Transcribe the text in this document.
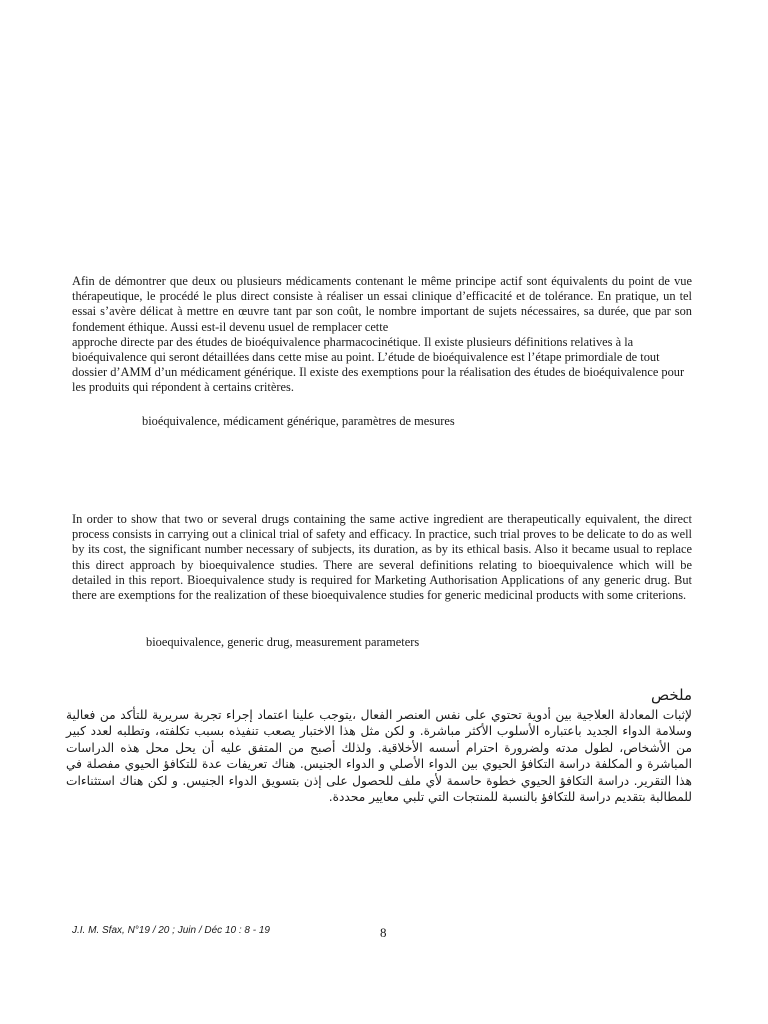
Afin de démontrer que deux ou plusieurs médicaments contenant le même principe actif sont équivalents du point de vue thérapeutique, le procédé le plus direct consiste à réaliser un essai clinique d’efficacité et de tolérance. En pratique, un tel essai s’avère délicat à mettre en œuvre tant par son coût, le nombre important de sujets nécessaires, sa durée, que par son fondement éthique. Aussi est-il devenu usuel de remplacer cette

approche directe par des études de bioéquivalence pharmacocinétique. Il existe plusieurs définitions relatives à la bioéquivalence qui seront détaillées dans cette mise au point. L’étude de bioéquivalence est l’étape primordiale de tout dossier d’AMM d’un médicament générique. Il existe des exemptions pour la réalisation des études de bioéquivalence pour les produits qui répondent à certains critères.

bioéquivalence, médicament générique, paramètres de mesures

In order to show that two or several drugs containing the same active ingredient are therapeutically equivalent, the direct process consists in carrying out a clinical trial of safety and efficacy. In practice, such trial proves to be delicate to do as well by its cost, the significant number necessary of subjects, its duration, as by its ethical basis. Also it became usual to replace this direct approach by bioequivalence studies. There are several definitions relating to bioequivalence which will be detailed in this report. Bioequivalence study is required for Marketing Authorisation Applications of any generic drug. But there are exemptions for the realization of these bioequivalence studies for generic medicinal products with some criterions.

bioequivalence, generic drug, measurement parameters

ملخص

لإثبات المعادلة العلاجية بين أدوية تحتوي على نفس العنصر الفعال ،يتوجب علينا اعتماد إجراء تجربة سريرية للتأكد من فعالية وسلامة الدواء الجديد باعتباره الأسلوب الأكثر مباشرة. و لكن مثل هذا الاختبار يصعب تنفيذه بسبب تكلفته، وتطلبه لعدد كبير من الأشخاص، لطول مدته ولضرورة احترام أسسه الأخلاقية. ولذلك أصبح من المتفق عليه أن يحل محل هذه الدراسات المباشرة و المكلفة دراسة التكافؤ الحيوي بين الدواء الأصلي و الدواء الجنيس. هناك تعريفات عدة للتكافؤ الحيوي مفصلة في هذا التقرير. دراسة التكافؤ الحيوي خطوة حاسمة لأي ملف للحصول على إذن بتسويق الدواء الجنيس. و لكن هناك استثناءات للمطالبة بتقديم دراسة للتكافؤ بالنسبة للمنتجات التي تلبي معايير محددة.

J.I. M. Sfax, N°19 / 20 ; Juin / Déc 10 : 8 - 19	8
